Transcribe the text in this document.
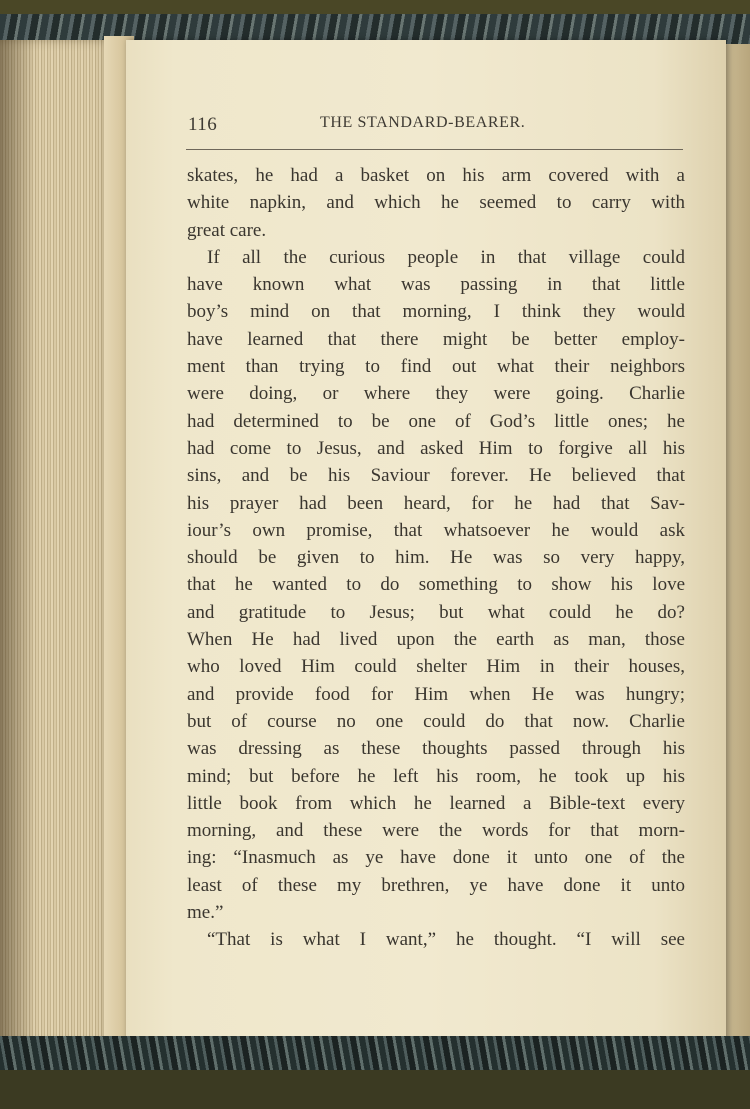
116	THE STANDARD-BEARER.
skates, he had a basket on his arm covered with a
white napkin, and which he seemed to carry with
great care.
If all the curious people in that village could
have known what was passing in that little
boy’s mind on that morning, I think they would
have learned that there might be better employ-
ment than trying to find out what their neighbors
were doing, or where they were going. Charlie
had determined to be one of God’s little ones; he
had come to Jesus, and asked Him to forgive all his
sins, and be his Saviour forever. He believed that
his prayer had been heard, for he had that Sav-
iour’s own promise, that whatsoever he would ask
should be given to him. He was so very happy,
that he wanted to do something to show his love
and gratitude to Jesus; but what could he do?
When He had lived upon the earth as man, those
who loved Him could shelter Him in their houses,
and provide food for Him when He was hungry;
but of course no one could do that now. Charlie
was dressing as these thoughts passed through his
mind; but before he left his room, he took up his
little book from which he learned a Bible-text every
morning, and these were the words for that morn-
ing: “Inasmuch as ye have done it unto one of the
least of these my brethren, ye have done it unto
me.”
“That is what I want,” he thought. “I will see
